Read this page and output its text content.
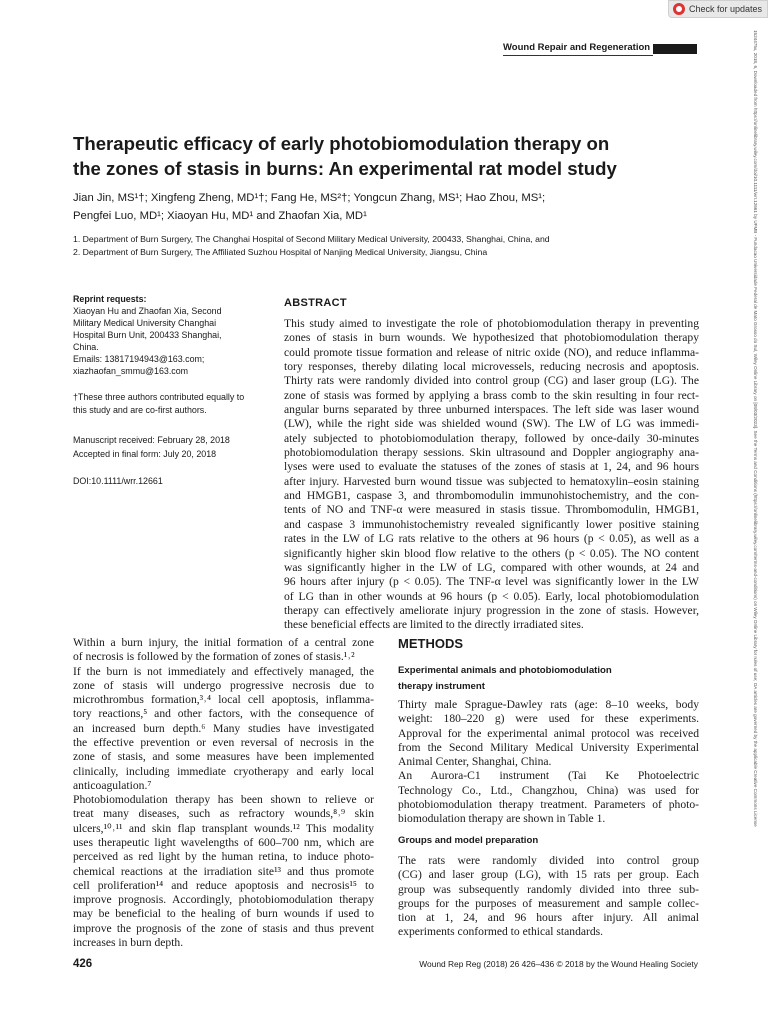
Check for updates
1524475x, 2018, 6, Downloaded from https://onlinelibrary.wiley.com/doi/10.1111/wrr.12661 by UFMB - Fundacao Universidade Federal de Mato Grosso do Sul, Wiley Online Library on [08/03/2023]. See the Terms and Conditions (https://onlinelibrary.wiley.com/terms-and-conditions) on Wiley Online Library for rules of use; OA articles are governed by the applicable Creative Commons License
Wound Repair and Regeneration
Therapeutic efficacy of early photobiomodulation therapy on
the zones of stasis in burns: An experimental rat model study
Jian Jin, MS¹†; Xingfeng Zheng, MD¹†; Fang He, MS²†; Yongcun Zhang, MS¹; Hao Zhou, MS¹;
Pengfei Luo, MD¹; Xiaoyan Hu, MD¹ and Zhaofan Xia, MD¹

1. Department of Burn Surgery, The Changhai Hospital of Second Military Medical University, 200433, Shanghai, China, and

2. Department of Burn Surgery, The Affiliated Suzhou Hospital of Nanjing Medical University, Jiangsu, China

Reprint requests:
Xiaoyan Hu and Zhaofan Xia, Second
Military Medical University Changhai
Hospital Burn Unit, 200433 Shanghai,
China.
Emails: 13817194943@163.com;
xiazhaofan_smmu@163.com
†These three authors contributed equally to
this study and are co-first authors.
Manuscript received: February 28, 2018
Accepted in final form: July 20, 2018
DOI:10.1111/wrr.12661
ABSTRACT
This study aimed to investigate the role of photobiomodulation therapy in preventing
zones of stasis in burn wounds. We hypothesized that photobiomodulation therapy
could promote tissue formation and release of nitric oxide (NO), and reduce inflamma-
tory responses, thereby dilating local microvessels, reducing necrosis and apoptosis.
Thirty rats were randomly divided into control group (CG) and laser group (LG). The
zone of stasis was formed by applying a brass comb to the skin resulting in four rect-
angular burns separated by three unburned interspaces. The left side was laser wound
(LW), while the right side was shielded wound (SW). The LW of LG was immedi-
ately subjected to photobiomodulation therapy, followed by once-daily 30-minutes
photobiomodulation therapy sessions. Skin ultrasound and Doppler angiography ana-
lyses were used to evaluate the statuses of the zones of stasis at 1, 24, and 96 hours
after injury. Harvested burn wound tissue was subjected to hematoxylin–eosin staining
and HMGB1, caspase 3, and thrombomodulin immunohistochemistry, and the con-
tents of NO and TNF-α were measured in stasis tissue. Thrombomodulin, HMGB1,
and caspase 3 immunohistochemistry revealed significantly lower positive staining
rates in the LW of LG rats relative to the others at 96 hours (p < 0.05), as well as a
significantly higher skin blood flow relative to the others (p < 0.05). The NO content
was significantly higher in the LW of LG, compared with other wounds, at 24 and
96 hours after injury (p < 0.05). The TNF-α level was significantly lower in the LW
of LG than in other wounds at 96 hours (p < 0.05). Early, local photobiomodulation
therapy can effectively ameliorate injury progression in the zone of stasis. However,
these beneficial effects are limited to the directly irradiated sites.
Within a burn injury, the initial formation of a central zone
of necrosis is followed by the formation of zones of stasis.¹˒²
If the burn is not immediately and effectively managed, the
zone of stasis will undergo progressive necrosis due to
microthrombus formation,³˒⁴ local cell apoptosis, inflamma-
tory reactions,⁵ and other factors, with the consequence of
an increased burn depth.⁶ Many studies have investigated
the effective prevention or even reversal of necrosis in the
zone of stasis, and some measures have been implemented
clinically, including immediate cryotherapy and early local
anticoagulation.⁷
Photobiomodulation therapy has been shown to relieve or
treat many diseases, such as refractory wounds,⁸˒⁹ skin
ulcers,¹⁰˒¹¹ and skin flap transplant wounds.¹² This modality
uses therapeutic light wavelengths of 600–700 nm, which are
perceived as red light by the human retina, to induce photo-
chemical reactions at the irradiation site¹³ and thus promote
cell proliferation¹⁴ and reduce apoptosis and necrosis¹⁵ to
improve prognosis. Accordingly, photobiomodulation therapy
may be beneficial to the healing of burn wounds if used to
improve the prognosis of the zone of stasis and thus prevent
increases in burn depth.
METHODS
Experimental animals and photobiomodulation
therapy instrument
Thirty male Sprague-Dawley rats (age: 8–10 weeks, body
weight: 180–220 g) were used for these experiments.
Approval for the experimental animal protocol was received
from the Second Military Medical University Experimental
Animal Center, Shanghai, China.
An Aurora-C1 instrument (Tai Ke Photoelectric
Technology Co., Ltd., Changzhou, China) was used for
photobiomodulation therapy treatment. Parameters of photo-
biomodulation therapy are shown in Table 1.
Groups and model preparation
The rats were randomly divided into control group
(CG) and laser group (LG), with 15 rats per group. Each
group was subsequently randomly divided into three sub-
groups for the purposes of measurement and sample collec-
tion at 1, 24, and 96 hours after injury. All animal
experiments conformed to ethical standards.
426	Wound Rep Reg (2018) 26 426–436 © 2018 by the Wound Healing Society
